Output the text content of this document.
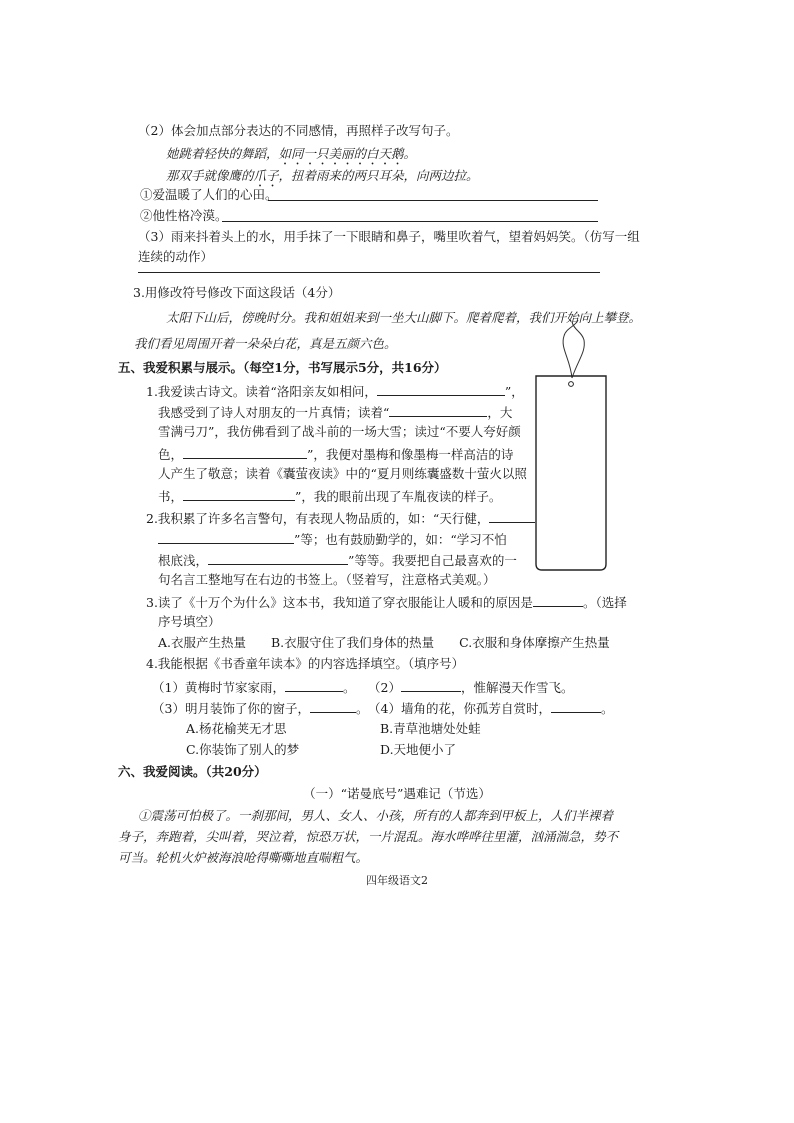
（2）体会加点部分表达的不同感情，再照样子改写句子。
她跳着轻快的舞蹈，如同一只美丽的白天鹅。
那双手就像鹰的爪子，扭着雨来的两只耳朵，向两边拉。
①爱温暖了人们的心田。
②他性格冷漠。
（3）雨来抖着头上的水，用手抹了一下眼睛和鼻子，嘴里吹着气，望着妈妈笑。（仿写一组
连续的动作）
3.用修改符号修改下面这段话（4分）
太阳下山后，傍晚时分。我和姐姐来到一坐大山脚下。爬着爬着，我们开始向上攀登。
我们看见周围开着一朵朵白花，真是五颜六色。
五、我爱积累与展示。（每空1分，书写展示5分，共16分）
1.我爱读古诗文。读着“洛阳亲友如相问，	”，
我感受到了诗人对朋友的一片真情；读着“	，大
雪满弓刀”，我仿佛看到了战斗前的一场大雪；读过“不要人夸好颜
色，	”，我便对墨梅和像墨梅一样高洁的诗
人产生了敬意；读着《囊萤夜读》中的“夏月则练囊盛数十萤火以照
书，	”，我的眼前出现了车胤夜读的样子。
2.我积累了许多名言警句，有表现人物品质的，如：“天行健，
”等；也有鼓励勤学的，如：“学习不怕
根底浅，	”等等。我要把自己最喜欢的一
句名言工整地写在右边的书签上。（竖着写，注意格式美观。）
3.读了《十万个为什么》这本书，我知道了穿衣服能让人暖和的原因是	。（选择
序号填空）
A.衣服产生热量　　B.衣服守住了我们身体的热量　　C.衣服和身体摩擦产生热量
4.我能根据《书香童年读本》的内容选择填空。（填序号）
（1）黄梅时节家家雨，	。 （2）	，惟解漫天作雪飞。
（3）明月装饰了你的窗子，	。 （4）墙角的花，你孤芳自赏时，	。
A.杨花榆荚无才思	B.青草池塘处处蛙
C.你装饰了别人的梦	D.天地便小了
六、我爱阅读。（共20分）
（一）“诺曼底号”遇难记（节选）
①震荡可怕极了。一刹那间，男人、女人、小孩，所有的人都奔到甲板上，人们半裸着
身子，奔跑着，尖叫着，哭泣着，惊恐万状，一片混乱。海水哗哗往里灌，汹涌湍急，势不
可当。轮机火炉被海浪呛得嘶嘶地直喘粗气。
四年级语文2
